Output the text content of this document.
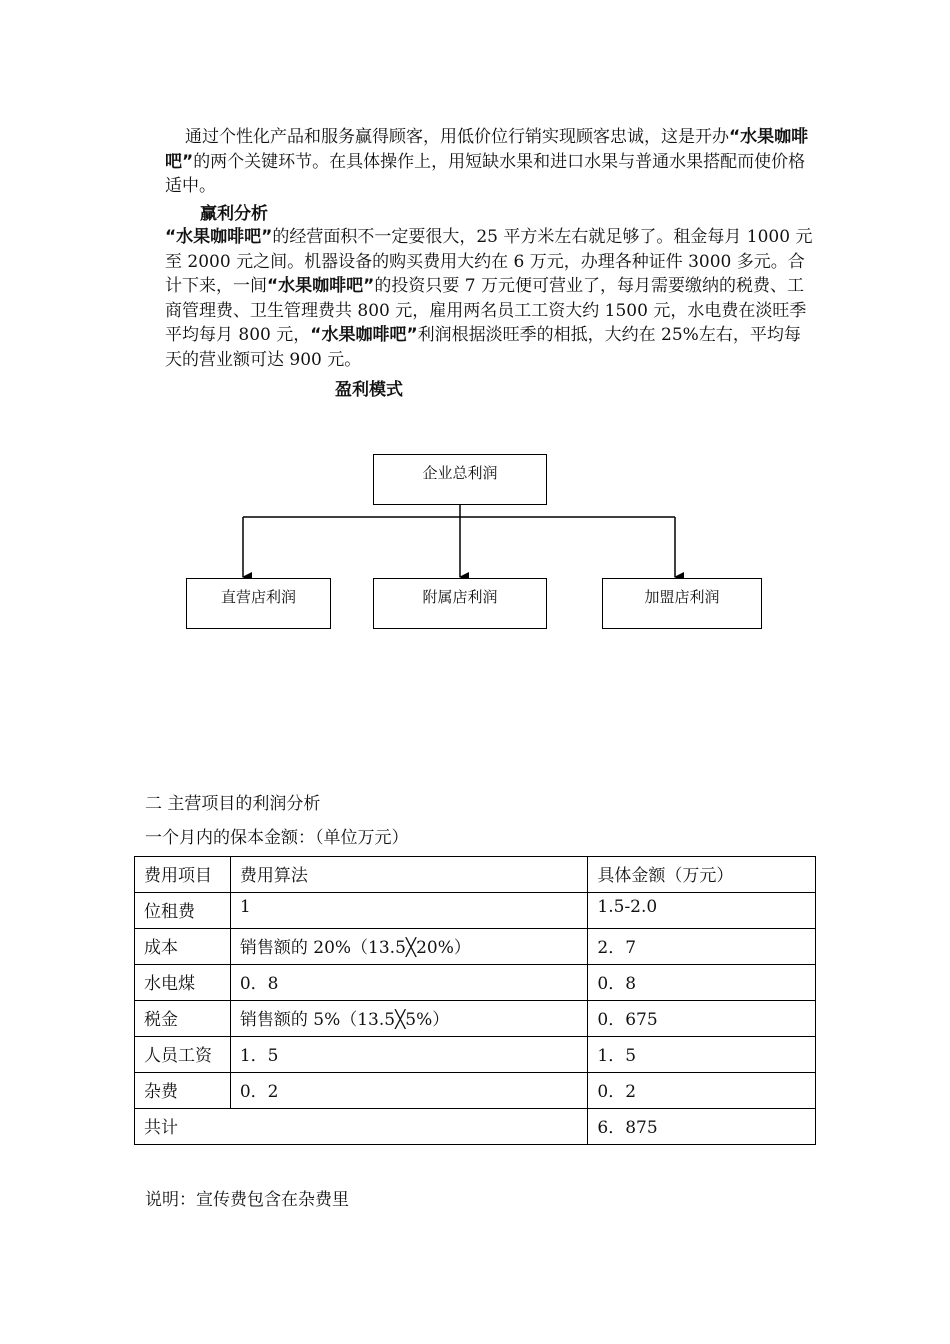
通过个性化产品和服务赢得顾客，用低价位行销实现顾客忠诚，这是开办“水果咖啡吧”的两个关键环节。在具体操作上，用短缺水果和进口水果与普通水果搭配而使价格适中。

赢利分析

“水果咖啡吧”的经营面积不一定要很大，25 平方米左右就足够了。租金每月 1000 元至 2000 元之间。机器设备的购买费用大约在 6 万元，办理各种证件 3000 多元。合计下来，一间“水果咖啡吧”的投资只要 7 万元便可营业了，每月需要缴纳的税费、工商管理费、卫生管理费共 800 元，雇用两名员工工资大约 1500 元，水电费在淡旺季平均每月 800 元，“水果咖啡吧”利润根据淡旺季的相抵，大约在 25%左右，平均每天的营业额可达 900 元。

盈利模式
企业总利润
直营店利润	附属店利润	加盟店利润
二 主营项目的利润分析
一个月内的保本金额：（单位万元）
费用项目	费用算法	具体金额（万元）
位租费	1	1.5-2.0
成本	销售额的 20%（13.5╳20%）	2．7
水电煤	0．8	0．8
税金	销售额的 5%（13.5╳5%）	0．675
人员工资	1．5	1．5
杂费	0．2	0．2
共计		6．875
说明：宣传费包含在杂费里
